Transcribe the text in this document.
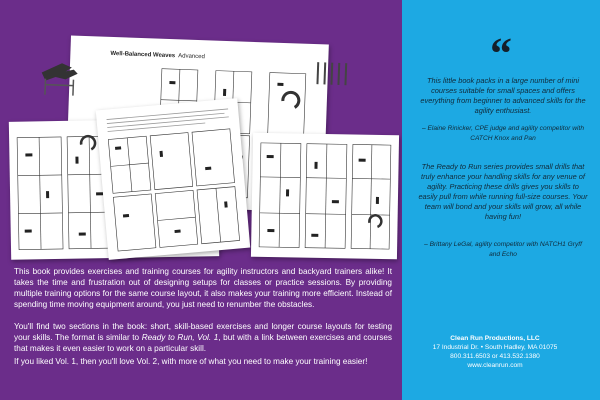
Well-Balanced Weaves Advanced

This book provides exercises and training courses for agility instructors and backyard trainers alike! It takes the time and frustration out of designing setups for classes or practice sessions. By providing multiple training options for the same course layout, it also makes your training more efficient. Instead of spending time moving equipment around, you just need to renumber the obstacles.

You'll find two sections in the book: short, skill-based exercises and longer course layouts for testing your skills. The format is similar to Ready to Run, Vol. 1, but with a link between exercises and courses that makes it even easier to work on a particular skill.

If you liked Vol. 1, then you'll love Vol. 2, with more of what you need to make your training easier!

“

This little book packs in a large number of mini courses suitable for small spaces and offers everything from beginner to advanced skills for the agility enthusiast.

– Elaine Rinicker, CPE judge and agility competitor with CATCH Knox and Pan

The Ready to Run series provides small drills that truly enhance your handling skills for any venue of agility. Practicing these drills gives you skills to easily pull from while running full-size courses. Your team will bond and your skills will grow, all while having fun!

– Brittany LeGal, agility competitor with NATCH1 Gryff and Echo

Clean Run Productions, LLC
17 Industrial Dr. • South Hadley, MA 01075
800.311.6503 or 413.532.1380
www.cleanrun.com
